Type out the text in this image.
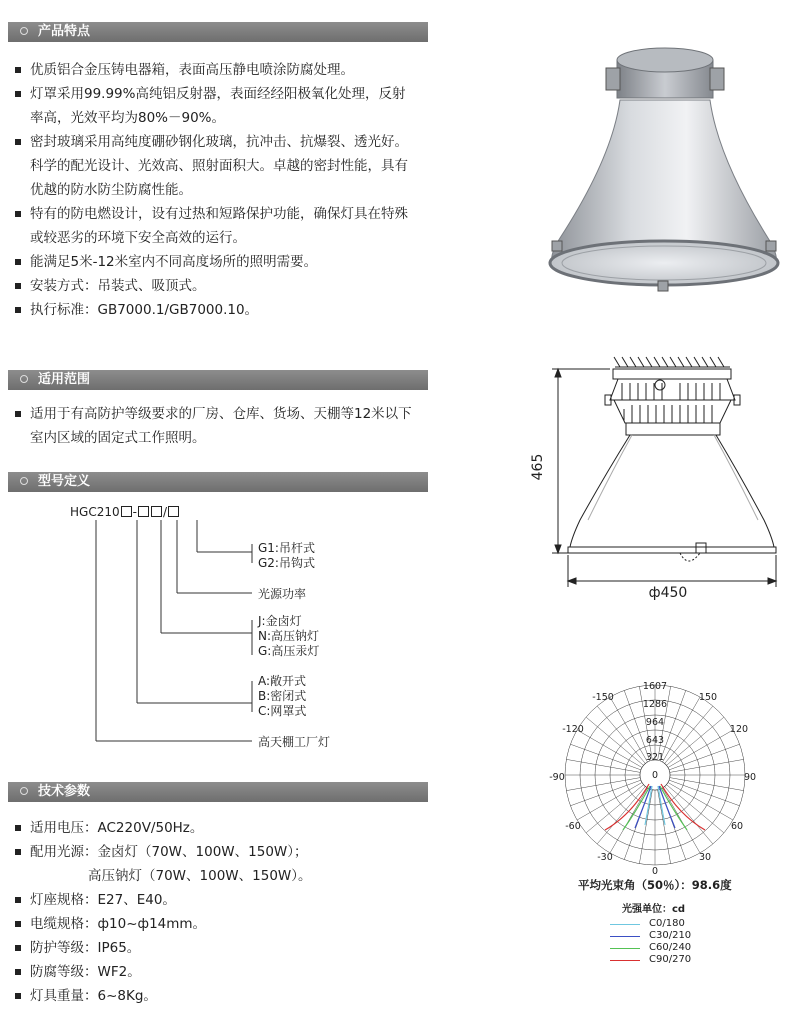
产品特点
优质铝合金压铸电器箱，表面高压静电喷涂防腐处理。
灯罩采用99.99%高纯铝反射器，表面经经阳极氧化处理，反射
率高，光效平均为80%－90%。
密封玻璃采用高纯度硼砂钢化玻璃，抗冲击、抗爆裂、透光好。
科学的配光设计、光效高、照射面积大。卓越的密封性能，具有
优越的防水防尘防腐性能。
特有的防电燃设计，设有过热和短路保护功能，确保灯具在特殊
或较恶劣的环境下安全高效的运行。
能满足5米-12米室内不同高度场所的照明需要。
安装方式：吊装式、吸顶式。
执行标准：GB7000.1/GB7000.10。
适用范围
适用于有高防护等级要求的厂房、仓库、货场、天棚等12米以下
室内区域的固定式工作照明。
型号定义
HGC210 - /
G1:吊杆式
G2:吊钩式
光源功率
J:金卤灯
N:高压钠灯
G:高压汞灯
A:敞开式
B:密闭式
C:网罩式
高天棚工厂灯
技术参数
适用电压：AC220V/50Hz。
配用光源：金卤灯（70W、100W、150W）；
高压钠灯（70W、100W、150W）。
灯座规格：E27、E40。
电缆规格：ф10~ф14mm。
防护等级：IP65。
防腐等级：WF2。
灯具重量：6~8Kg。
465
ф450
1607
1286
964
643
321
0
-150	150
-120	120
-90	90
-60	60
-30	30
0
0
平均光束角（50％）：98.6度
光强单位：cd
C0/180
C30/210
C60/240
C90/270
